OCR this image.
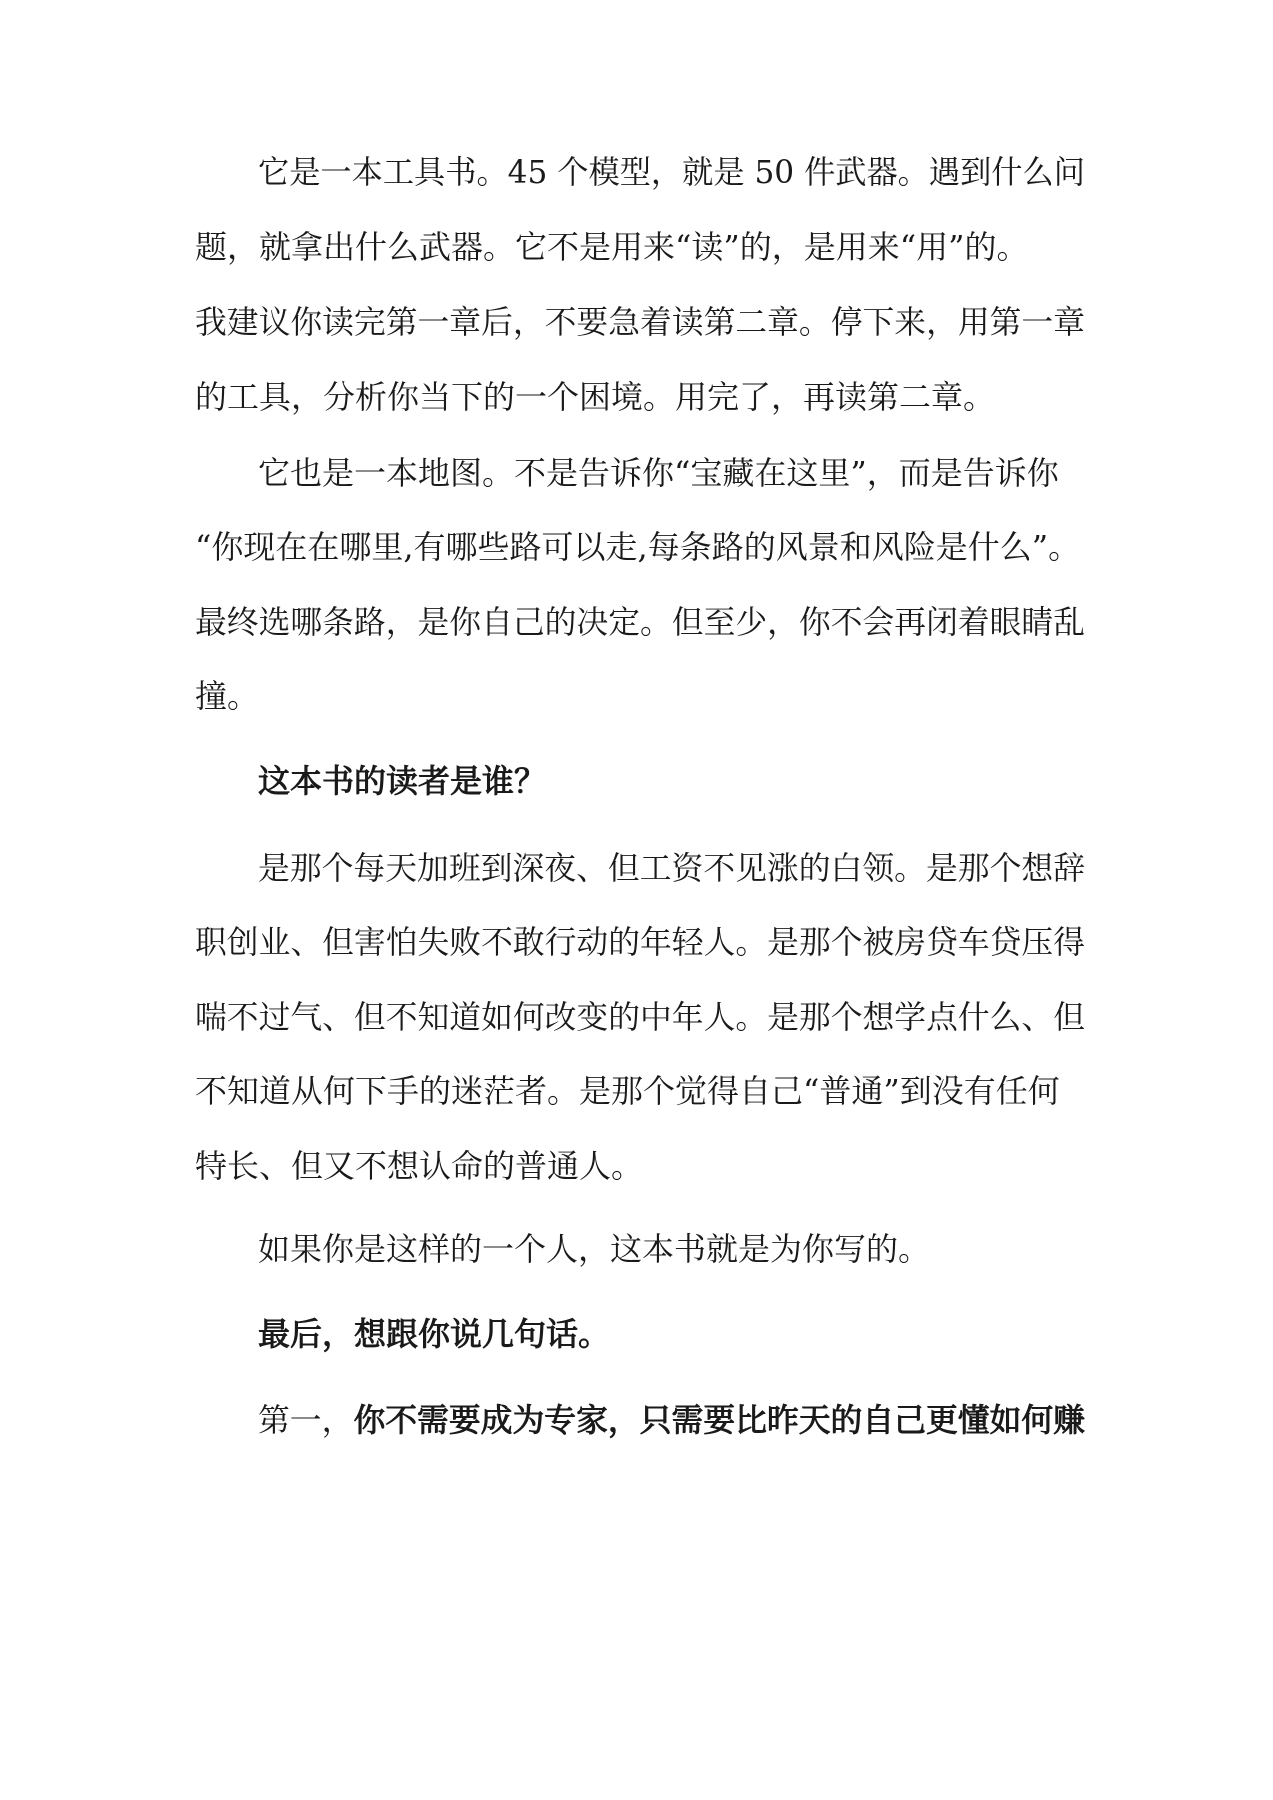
它是一本工具书。45 个模型，就是 50 件武器。遇到什么问
题，就拿出什么武器。它不是用来“读”的，是用来“用”的。
我建议你读完第一章后，不要急着读第二章。停下来，用第一章
的工具，分析你当下的一个困境。用完了，再读第二章。
它也是一本地图。不是告诉你“宝藏在这里”，而是告诉你
“你现在在哪里,有哪些路可以走,每条路的风景和风险是什么”。
最终选哪条路，是你自己的决定。但至少，你不会再闭着眼睛乱
撞。
这本书的读者是谁？
是那个每天加班到深夜、但工资不见涨的白领。是那个想辞
职创业、但害怕失败不敢行动的年轻人。是那个被房贷车贷压得
喘不过气、但不知道如何改变的中年人。是那个想学点什么、但
不知道从何下手的迷茫者。是那个觉得自己“普通”到没有任何
特长、但又不想认命的普通人。
如果你是这样的一个人，这本书就是为你写的。
最后，想跟你说几句话。
第一，你不需要成为专家，只需要比昨天的自己更懂如何赚
